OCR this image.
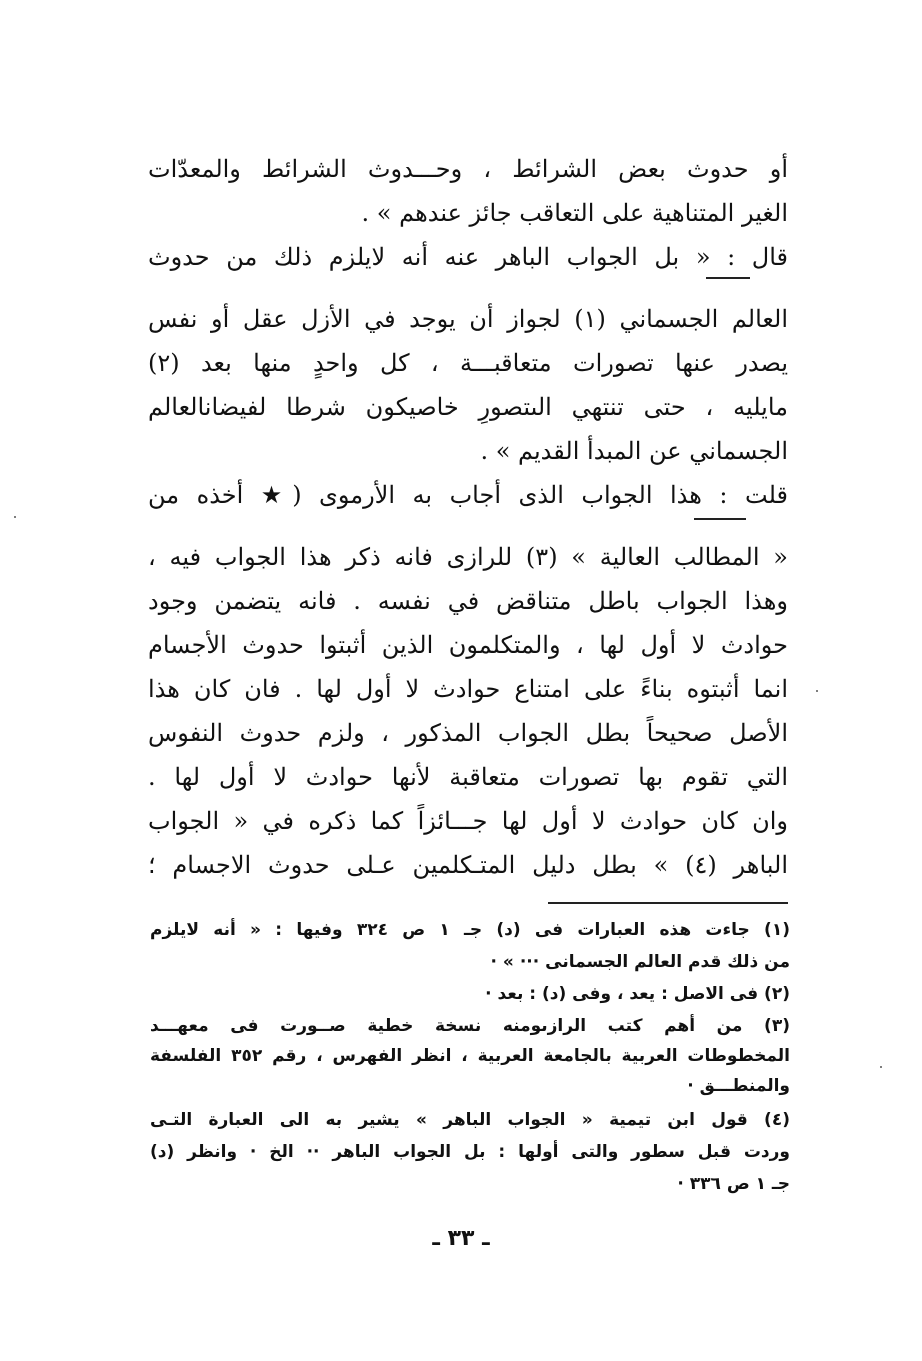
أو حدوث بعض الشرائط ، وحـــدوث الشرائط والمعدّات
الغير المتناهية على التعاقب جائز عندهم » .
قال : « بل الجواب الباهر عنه أنه لايلزم ذلك من حدوث
العالم الجسماني (١) لجواز أن يوجد في الأزل عقل أو نفس
يصدر عنها تصورات متعاقبـــة ، كل واحدٍ منها بعد (٢)
مايليه ، حتى تنتهي الىتصورٍ خاصيكون شرطا لفيضانالعالم
الجسماني عن المبدأ القديم » .
قلت : هذا الجواب الذى أجاب به الأرموى (★ أخذه من
« المطالب العالية » (٣) للرازى فانه ذكر هذا الجواب فيه ،
وهذا الجواب باطل متناقض في نفسه . فانه يتضمن وجود
حوادث لا أول لها ، والمتكلمون الذين أثبتوا حدوث الأجسام
انما أثبتوه بناءً على امتناع حوادث لا أول لها . فان كان هذا
الأصل صحيحاً بطل الجواب المذكور ، ولزم حدوث النفوس
التي تقوم بها تصورات متعاقبة لأنها حوادث لا أول لها .
وان كان حوادث لا أول لها جـــائزاً كما ذكره في « الجواب
الباهر (٤) » بطل دليل المتـكلمين عـلى حدوث الاجسام ؛
(١) جاءت هذه العبارات فى (د) جـ ١ ص ٣٢٤ وفيها : « أنه لايلزم
من ذلك قدم العالم الجسمانى ··· » ·
(٢) فى الاصل : يعد ، وفى (د) : بعد ·
(٣) من أهم كتب الرازىومنه نسخة خطية صــورت فى معهـــد
المخطوطات العربية بالجامعة العربية ، انظر الفهرس ، رقم ٣٥٢ الفلسفة
والمنطـــق ·
(٤) قول ابن تيمية « الجواب الباهر » يشير به الى العبارة التـى
وردت قبل سطور والتى أولها : بل الجواب الباهر ·· الخ · وانظر (د)
جـ ١ ص ٣٣٦ ·
ـ ٣٣ ـ
